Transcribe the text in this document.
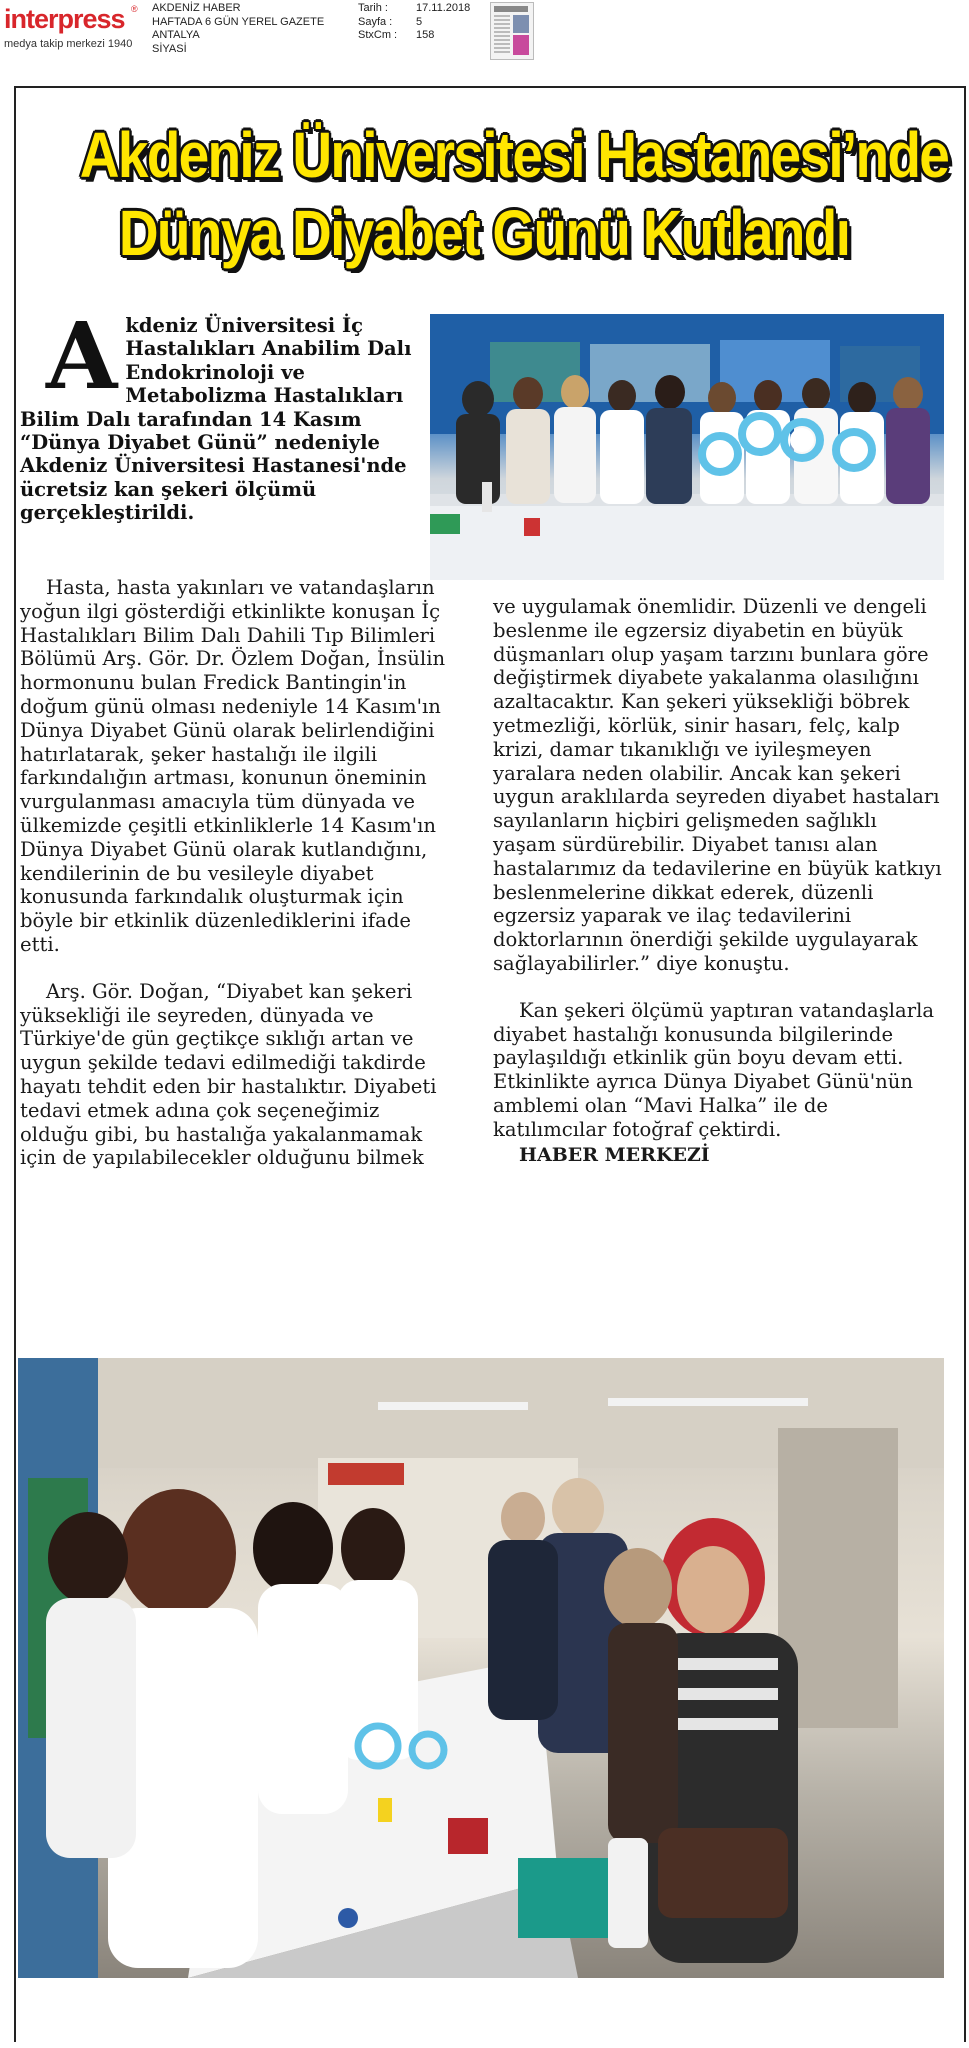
interpress ®
medya takip merkezi 1940
AKDENİZ HABER
HAFTADA 6 GÜN YEREL GAZETE
ANTALYA
SİYASİ
Tarih :	17.11.2018
Sayfa :	5
StxCm :	158
Akdeniz Üniversitesi Hastanesi’nde
Dünya Diyabet Günü Kutlandı
Akdeniz Üniversitesi İç Hastalıkları Anabilim Dalı Endokrinoloji ve Metabolizma Hastalıkları Bilim Dalı tarafından 14 Kasım “Dünya Diyabet Günü” nedeniyle Akdeniz Üniversitesi Hastanesi'nde ücretsiz kan şekeri ölçümü gerçekleştirildi.

Hasta, hasta yakınları ve vatandaşların yoğun ilgi gösterdiği etkinlikte konuşan İç Hastalıkları Bilim Dalı Dahili Tıp Bilimleri Bölümü Arş. Gör. Dr. Özlem Doğan, İnsülin hormonunu bulan Fredick Bantingin'in doğum günü olması nedeniyle 14 Kasım'ın Dünya Diyabet Günü olarak belirlendiğini hatırlatarak, şeker hastalığı ile ilgili farkındalığın artması, konunun öneminin vurgulanması amacıyla tüm dünyada ve ülkemizde çeşitli etkinliklerle 14 Kasım'ın Dünya Diyabet Günü olarak kutlandığını, kendilerinin de bu vesileyle diyabet konusunda farkındalık oluşturmak için böyle bir etkinlik düzenlediklerini ifade etti.

Arş. Gör. Doğan, “Diyabet kan şekeri yüksekliği ile seyreden, dünyada ve Türkiye'de gün geçtikçe sıklığı artan ve uygun şekilde tedavi edilmediği takdirde hayatı tehdit eden bir hastalıktır. Diyabeti tedavi etmek adına çok seçeneğimiz olduğu gibi, bu hastalığa yakalanmamak için de yapılabilecekler olduğunu bilmek

ve uygulamak önemlidir. Düzenli ve dengeli beslenme ile egzersiz diyabetin en büyük düşmanları olup yaşam tarzını bunlara göre değiştirmek diyabete yakalanma olasılığını azaltacaktır. Kan şekeri yüksekliği böbrek yetmezliği, körlük, sinir hasarı, felç, kalp krizi, damar tıkanıklığı ve iyileşmeyen yaralara neden olabilir. Ancak kan şekeri uygun araklılarda seyreden diyabet hastaları sayılanların hiçbiri gelişmeden sağlıklı yaşam sürdürebilir. Diyabet tanısı alan hastalarımız da tedavilerine en büyük katkıyı beslenmelerine dikkat ederek, düzenli egzersiz yaparak ve ilaç tedavilerini doktorlarının önerdiği şekilde uygulayarak sağlayabilirler.” diye konuştu.

Kan şekeri ölçümü yaptıran vatandaşlarla diyabet hastalığı konusunda bilgilerinde paylaşıldığı etkinlik gün boyu devam etti. Etkinlikte ayrıca Dünya Diyabet Günü'nün amblemi olan “Mavi Halka” ile de katılımcılar fotoğraf çektirdi.

HABER MERKEZİ
